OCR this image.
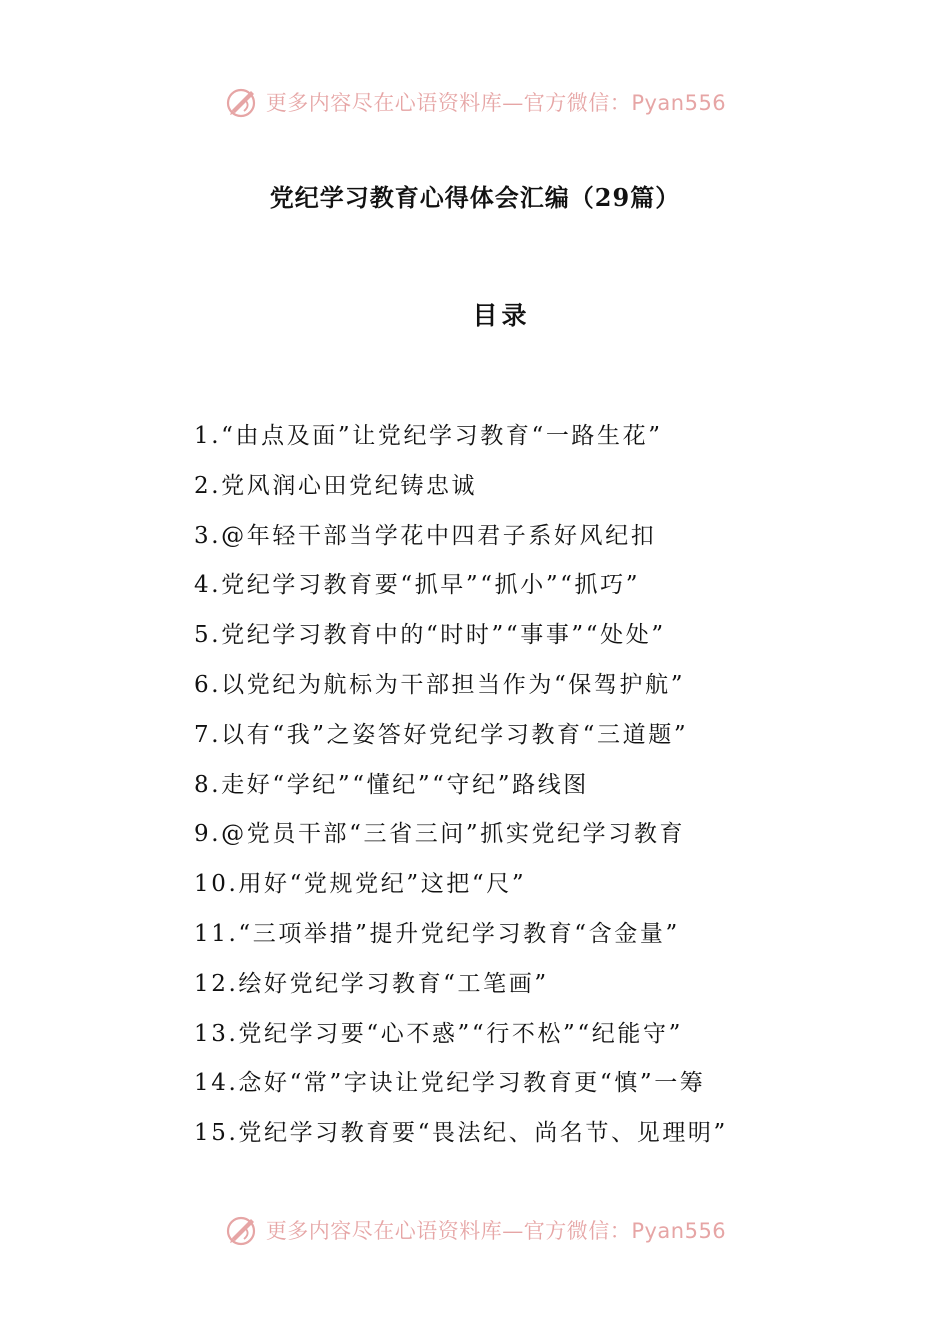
更多内容尽在心语资料库—官方微信：Pyan556
党纪学习教育心得体会汇编（29篇）
目录
1.“由点及面”让党纪学习教育“一路生花”
2.党风润心田党纪铸忠诚
3.@年轻干部当学花中四君子系好风纪扣
4.党纪学习教育要“抓早”“抓小”“抓巧”
5.党纪学习教育中的“时时”“事事”“处处”
6.以党纪为航标为干部担当作为“保驾护航”
7.以有“我”之姿答好党纪学习教育“三道题”
8.走好“学纪”“懂纪”“守纪”路线图
9.@党员干部“三省三问”抓实党纪学习教育
10.用好“党规党纪”这把“尺”
11.“三项举措”提升党纪学习教育“含金量”
12.绘好党纪学习教育“工笔画”
13.党纪学习要“心不惑”“行不松”“纪能守”
14.念好“常”字诀让党纪学习教育更“慎”一筹
15.党纪学习教育要“畏法纪、尚名节、见理明”
更多内容尽在心语资料库—官方微信：Pyan556
